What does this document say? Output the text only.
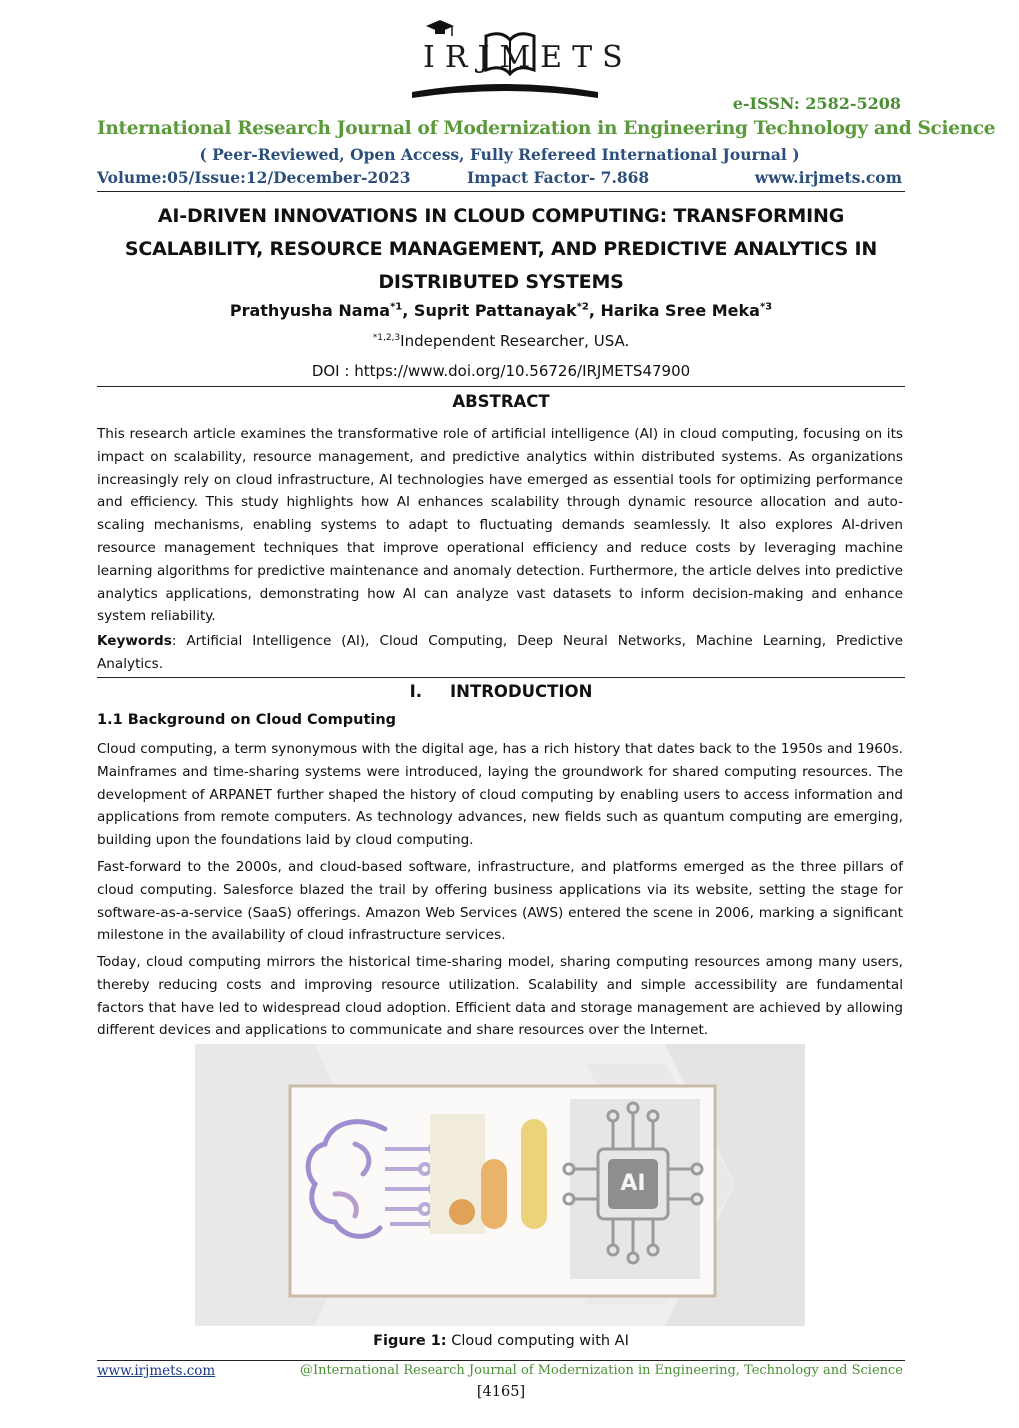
IRJMETS
e-ISSN: 2582-5208
International Research Journal of Modernization in Engineering Technology and Science
( Peer-Reviewed, Open Access, Fully Refereed International Journal )
Volume:05/Issue:12/December-2023	Impact Factor- 7.868	www.irjmets.com
AI-DRIVEN INNOVATIONS IN CLOUD COMPUTING: TRANSFORMING SCALABILITY, RESOURCE MANAGEMENT, AND PREDICTIVE ANALYTICS IN DISTRIBUTED SYSTEMS
Prathyusha Nama$^{*1}$, Suprit Pattanayak$^{*2}$, Harika Sree Meka$^{*3}$
$^{*1,2,3}$Independent Researcher, USA.
DOI : https://www.doi.org/10.56726/IRJMETS47900
ABSTRACT
This research article examines the transformative role of artificial intelligence (AI) in cloud computing, focusing on its impact on scalability, resource management, and predictive analytics within distributed systems. As organizations increasingly rely on cloud infrastructure, AI technologies have emerged as essential tools for optimizing performance and efficiency. This study highlights how AI enhances scalability through dynamic resource allocation and auto-scaling mechanisms, enabling systems to adapt to fluctuating demands seamlessly. It also explores AI-driven resource management techniques that improve operational efficiency and reduce costs by leveraging machine learning algorithms for predictive maintenance and anomaly detection. Furthermore, the article delves into predictive analytics applications, demonstrating how AI can analyze vast datasets to inform decision-making and enhance system reliability.
Keywords: Artificial Intelligence (AI), Cloud Computing, Deep Neural Networks, Machine Learning, Predictive Analytics.
I. INTRODUCTION
1.1 Background on Cloud Computing
Cloud computing, a term synonymous with the digital age, has a rich history that dates back to the 1950s and 1960s. Mainframes and time-sharing systems were introduced, laying the groundwork for shared computing resources. The development of ARPANET further shaped the history of cloud computing by enabling users to access information and applications from remote computers. As technology advances, new fields such as quantum computing are emerging, building upon the foundations laid by cloud computing.
Fast-forward to the 2000s, and cloud-based software, infrastructure, and platforms emerged as the three pillars of cloud computing. Salesforce blazed the trail by offering business applications via its website, setting the stage for software-as-a-service (SaaS) offerings. Amazon Web Services (AWS) entered the scene in 2006, marking a significant milestone in the availability of cloud infrastructure services.
Today, cloud computing mirrors the historical time-sharing model, sharing computing resources among many users, thereby reducing costs and improving resource utilization. Scalability and simple accessibility are fundamental factors that have led to widespread cloud adoption. Efficient data and storage management are achieved by allowing different devices and applications to communicate and share resources over the Internet.
AI
Figure 1: Cloud computing with AI
www.irjmets.com	@International Research Journal of Modernization in Engineering, Technology and Science
[4165]
